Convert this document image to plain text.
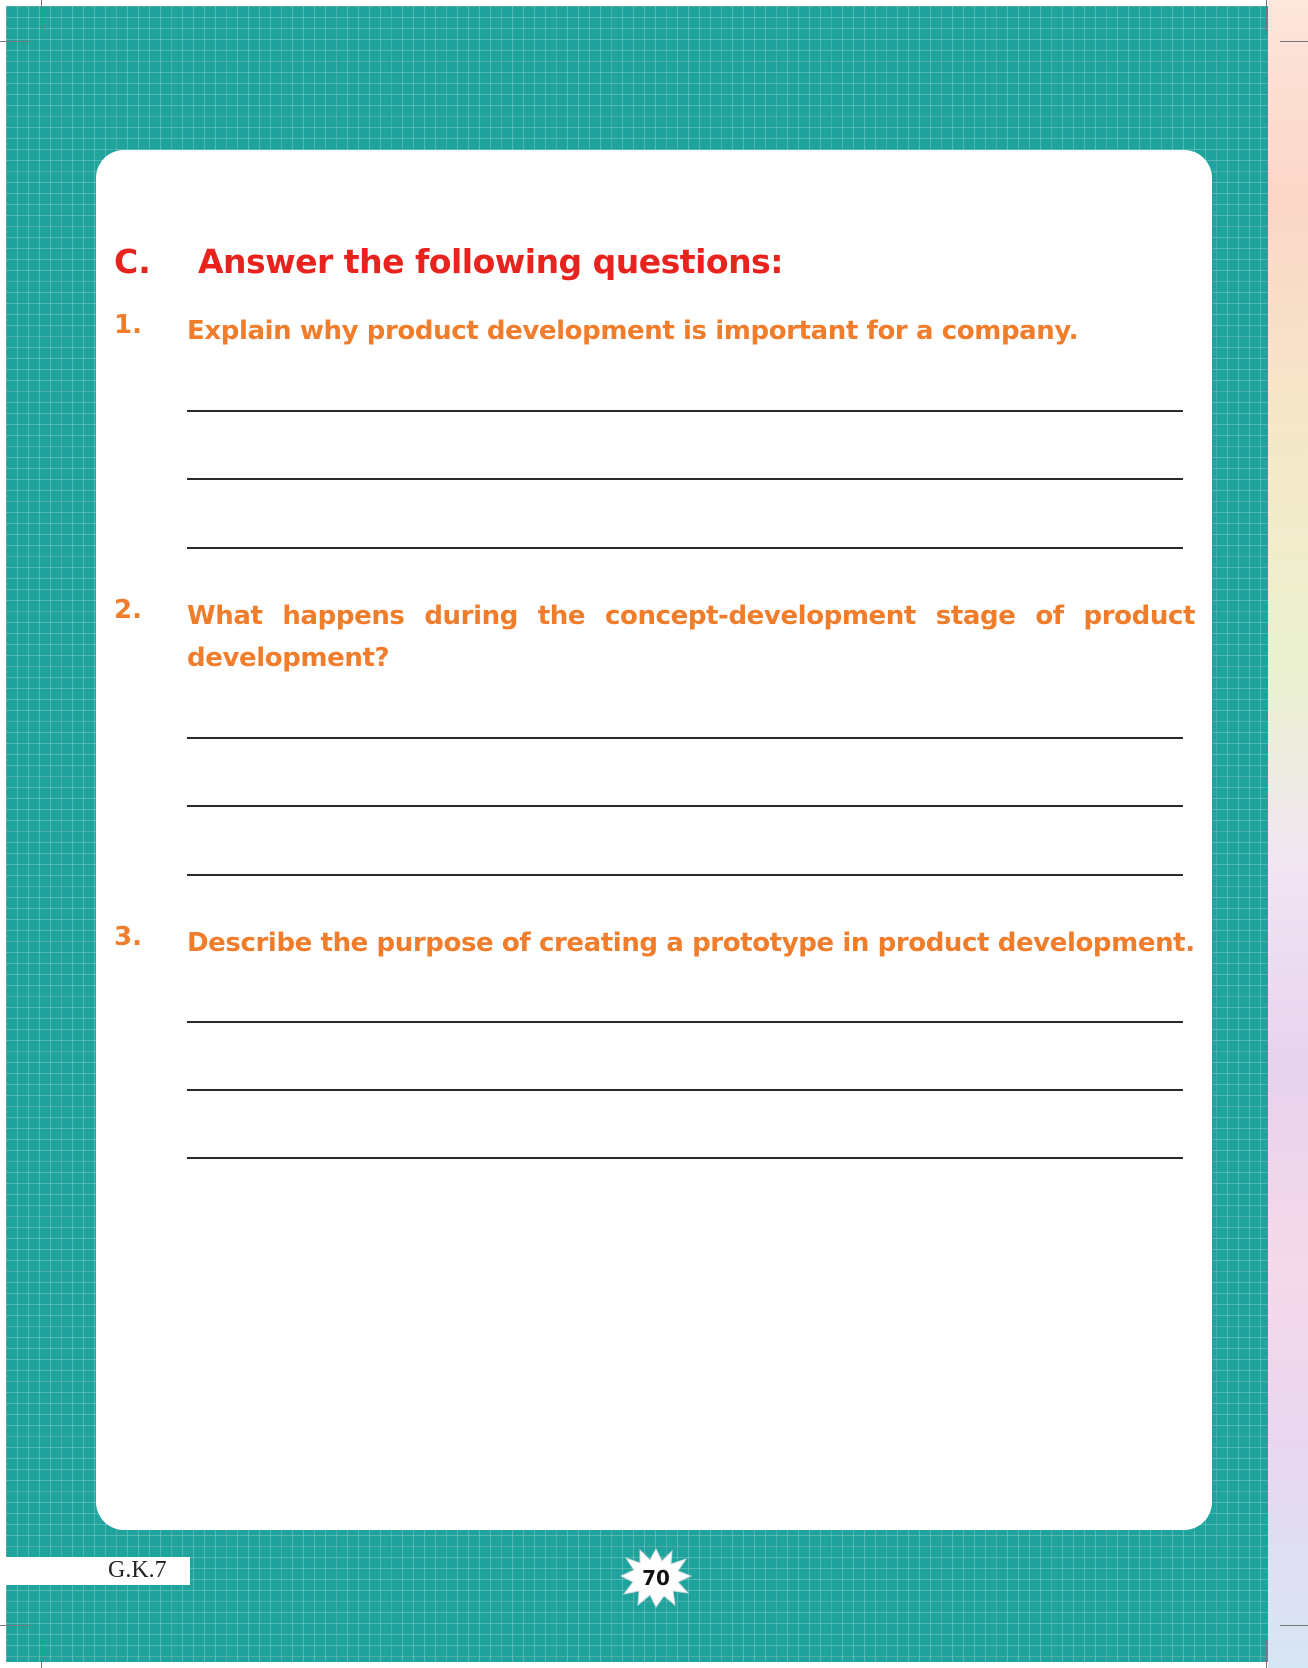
C. Answer the following questions:
1. Explain why product development is important for a company.
2. What happens during the concept-development stage of product development?
3. Describe the purpose of creating a prototype in product development.
G.K.7	70
